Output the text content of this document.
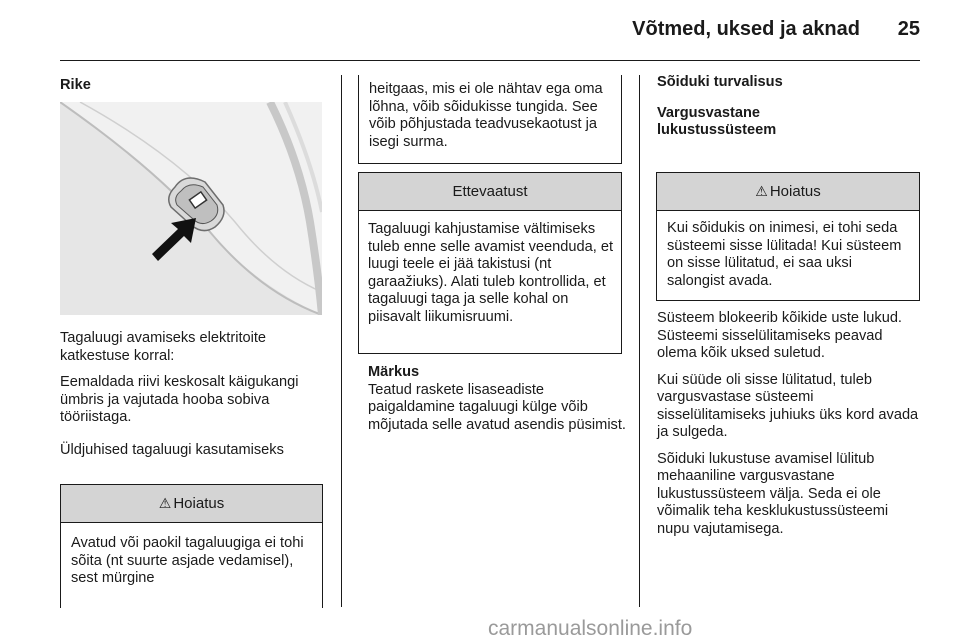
Võtmed, uksed ja aknad 25

Rike

Tagaluugi avamiseks elektritoite katkestuse korral:

Eemaldada riivi keskosalt käigukangi ümbris ja vajutada hooba sobiva tööriistaga.

Üldjuhised tagaluugi kasutamiseks

⚠ Hoiatus
Avatud või paokil tagaluugiga ei tohi sõita (nt suurte asjade vedamisel), sest mürgine
heitgaas, mis ei ole nähtav ega oma lõhna, võib sõidukisse tungida. See võib põhjustada teadvusekaotust ja isegi surma.
Ettevaatust
Tagaluugi kahjustamise vältimiseks tuleb enne selle avamist veenduda, et luugi teele ei jää takistusi (nt garaažiuks). Alati tuleb kontrollida, et tagaluugi taga ja selle kohal on piisavalt liikumisruumi.

Märkus

Teatud raskete lisaseadiste paigaldamine tagaluugi külge võib mõjutada selle avatud asendis püsimist.

Sõiduki turvalisus

Vargusvastane lukustussüsteem

⚠ Hoiatus
Kui sõidukis on inimesi, ei tohi seda süsteemi sisse lülitada! Kui süsteem on sisse lülitatud, ei saa uksi salongist avada.

Süsteem blokeerib kõikide uste lukud. Süsteemi sisselülitamiseks peavad olema kõik uksed suletud.

Kui süüde oli sisse lülitatud, tuleb vargusvastase süsteemi sisselülitamiseks juhiuks üks kord avada ja sulgeda.

Sõiduki lukustuse avamisel lülitub mehaaniline vargusvastane lukustussüsteem välja. Seda ei ole võimalik teha kesklukustussüsteemi nupu vajutamisega.

carmanualsonline.info
